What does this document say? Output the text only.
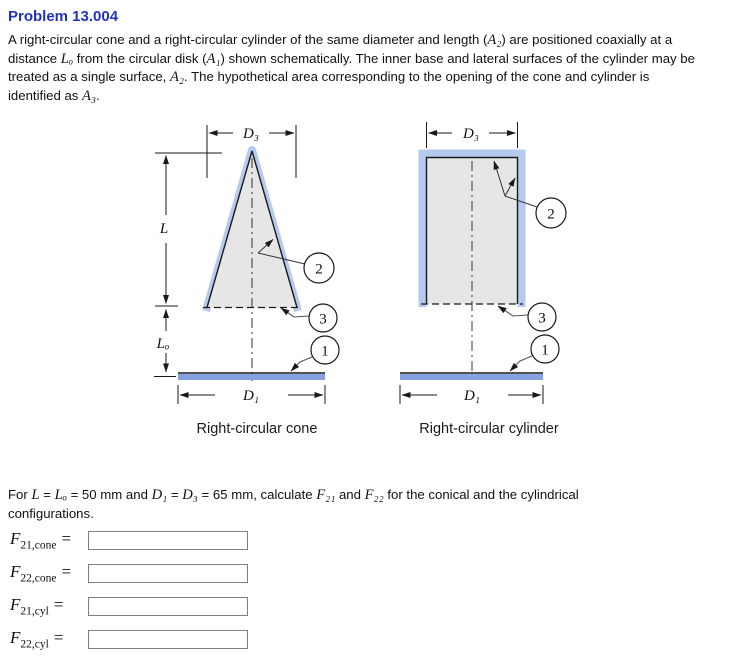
Problem 13.004
A right-circular cone and a right-circular cylinder of the same diameter and length (A₂) are positioned coaxially at a
distance Lₒ from the circular disk (A₁) shown schematically. The inner base and lateral surfaces of the cylinder may be
treated as a single surface, A₂. The hypothetical area corresponding to the opening of the cone and cylinder is
identified as A₃.
D₃
L
Lₒ
D₁
2
3
1
Right-circular cone
D₃
2
3
1
D₁
Right-circular cylinder
For L = Lₒ = 50 mm and D₁ = D₃ = 65 mm, calculate F₂₁ and F₂₂ for the conical and the cylindrical
configurations.
$F_{21,cone}$ =
$F_{22,cone}$ =
$F_{21,cyl}$ =
$F_{22,cyl}$ =
